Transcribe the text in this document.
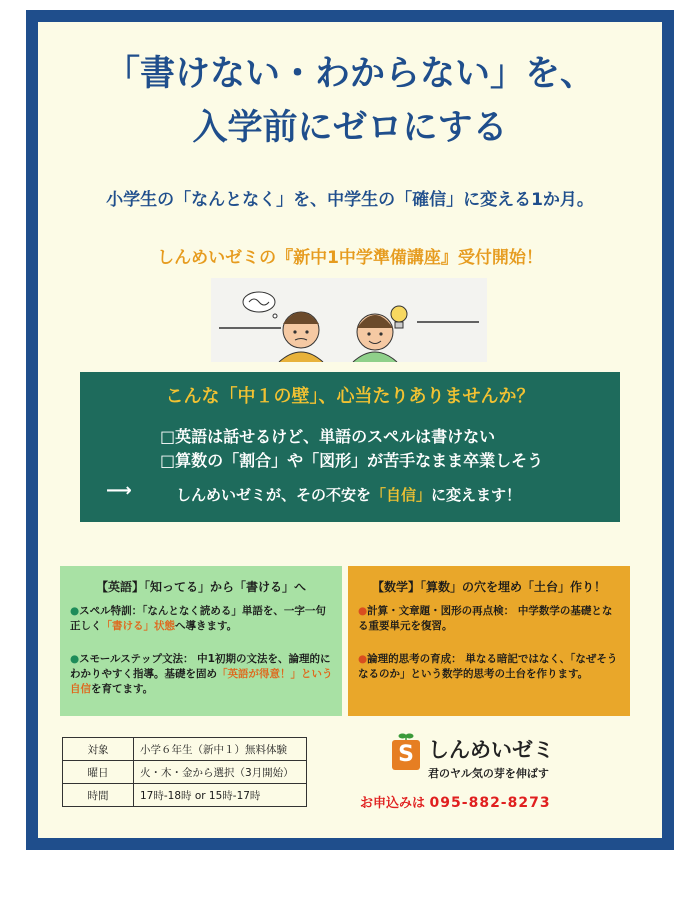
「書けない・わからない」を、
入学前にゼロにする
小学生の「なんとなく」を、中学生の「確信」に変える1か月。
しんめいゼミの『新中1中学準備講座』受付開始！
こんな「中１の壁」、心当たりありませんか？
□英語は話せるけど、単語のスペルは書けない
□算数の「割合」や「図形」が苦手なまま卒業しそう
⟶	しんめいゼミが、その不安を「自信」に変えます！
【英語】「知ってる」から「書ける」へ
●スペル特訓：「なんとなく読める」単語を、一字一句正しく「書ける」状態へ導きます。
●スモールステップ文法： 中1初期の文法を、論理的にわかりやすく指導。基礎を固め「英語が得意！」という自信を育てます。
【数学】「算数」の穴を埋め「土台」作り！
●計算・文章題・図形の再点検： 中学数学の基礎となる重要単元を復習。
●論理的思考の育成： 単なる暗記ではなく、「なぜそうなるのか」という数学的思考の土台を作ります。
対象	小学６年生（新中１）無料体験
曜日	火・木・金から選択（3月開始）
時間	17時-18時 or 15時-17時
S しんめいゼミ
君のヤル気の芽を伸ばす
お申込みは 095-882-8273
